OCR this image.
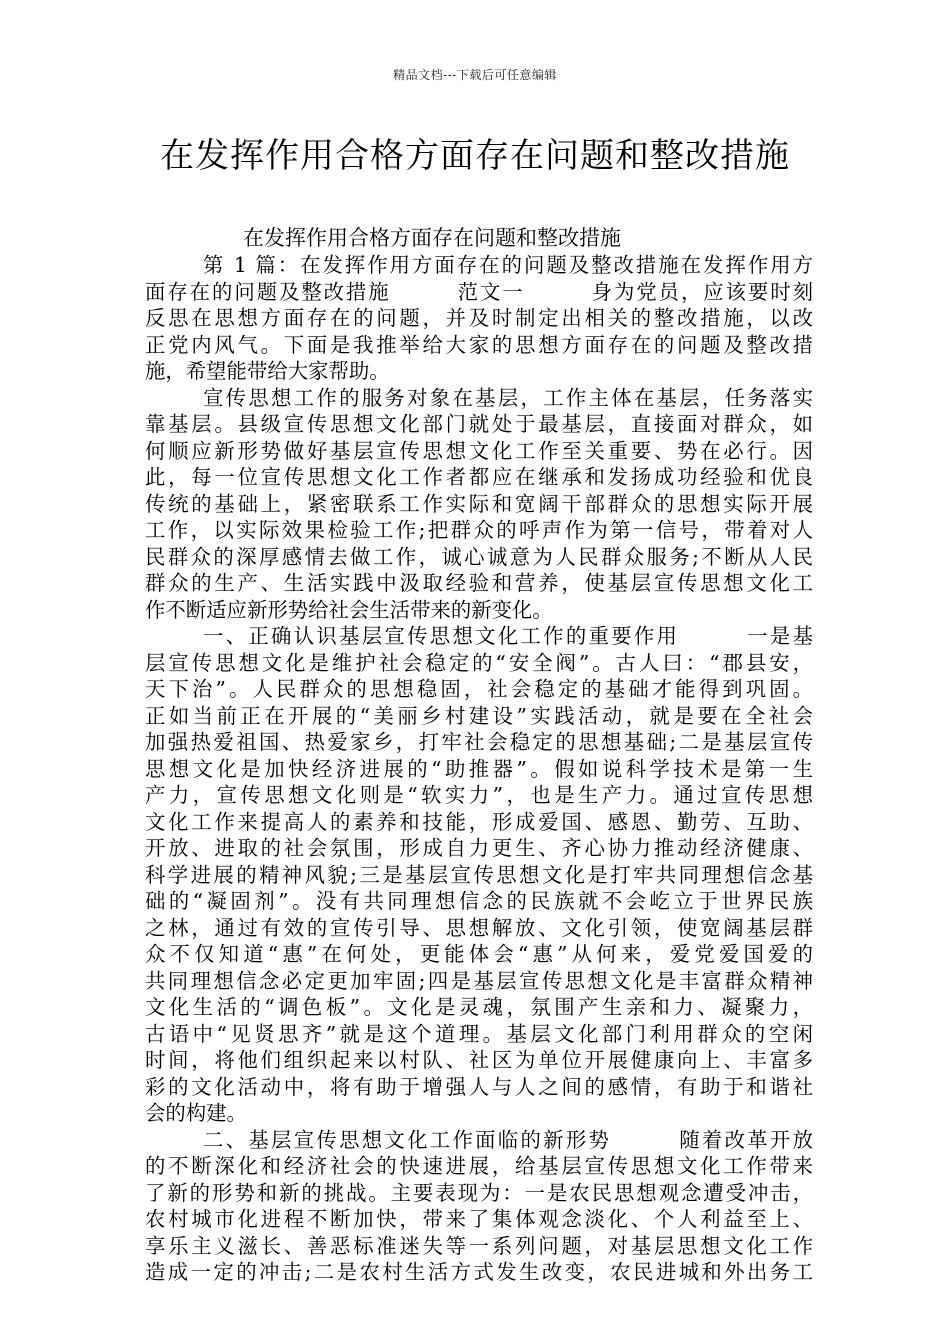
精品文档---下载后可任意编辑
在发挥作用合格方面存在问题和整改措施
在发挥作用合格方面存在问题和整改措施
第 1 篇：在发挥作用方面存在的问题及整改措施在发挥作用方
面存在的问题及整改措施　　　范文一　　　身为党员，应该要时刻
反思在思想方面存在的问题，并及时制定出相关的整改措施，以改
正党内风气。下面是我推举给大家的思想方面存在的问题及整改措
施，希望能带给大家帮助。
宣传思想工作的服务对象在基层，工作主体在基层，任务落实
靠基层。县级宣传思想文化部门就处于最基层，直接面对群众，如
何顺应新形势做好基层宣传思想文化工作至关重要、势在必行。因
此，每一位宣传思想文化工作者都应在继承和发扬成功经验和优良
传统的基础上，紧密联系工作实际和宽阔干部群众的思想实际开展
工作，以实际效果检验工作;把群众的呼声作为第一信号，带着对人
民群众的深厚感情去做工作，诚心诚意为人民群众服务;不断从人民
群众的生产、生活实践中汲取经验和营养，使基层宣传思想文化工
作不断适应新形势给社会生活带来的新变化。
一、正确认识基层宣传思想文化工作的重要作用　　　一是基
层宣传思想文化是维护社会稳定的“安全阀”。古人曰：“郡县安，
天下治”。人民群众的思想稳固，社会稳定的基础才能得到巩固。
正如当前正在开展的“美丽乡村建设”实践活动，就是要在全社会
加强热爱祖国、热爱家乡，打牢社会稳定的思想基础;二是基层宣传
思想文化是加快经济进展的“助推器”。假如说科学技术是第一生
产力，宣传思想文化则是“软实力”，也是生产力。通过宣传思想
文化工作来提高人的素养和技能，形成爱国、感恩、勤劳、互助、
开放、进取的社会氛围，形成自力更生、齐心协力推动经济健康、
科学进展的精神风貌;三是基层宣传思想文化是打牢共同理想信念基
础的“凝固剂”。没有共同理想信念的民族就不会屹立于世界民族
之林，通过有效的宣传引导、思想解放、文化引领，使宽阔基层群
众不仅知道“惠”在何处，更能体会“惠”从何来，爱党爱国爱的
共同理想信念必定更加牢固;四是基层宣传思想文化是丰富群众精神
文化生活的“调色板”。文化是灵魂，氛围产生亲和力、凝聚力，
古语中“见贤思齐”就是这个道理。基层文化部门利用群众的空闲
时间，将他们组织起来以村队、社区为单位开展健康向上、丰富多
彩的文化活动中，将有助于增强人与人之间的感情，有助于和谐社
会的构建。
二、基层宣传思想文化工作面临的新形势　　　随着改革开放
的不断深化和经济社会的快速进展，给基层宣传思想文化工作带来
了新的形势和新的挑战。主要表现为：一是农民思想观念遭受冲击，
农村城市化进程不断加快，带来了集体观念淡化、个人利益至上、
享乐主义滋长、善恶标准迷失等一系列问题，对基层思想文化工作
造成一定的冲击;二是农村生活方式发生改变，农民进城和外出务工
